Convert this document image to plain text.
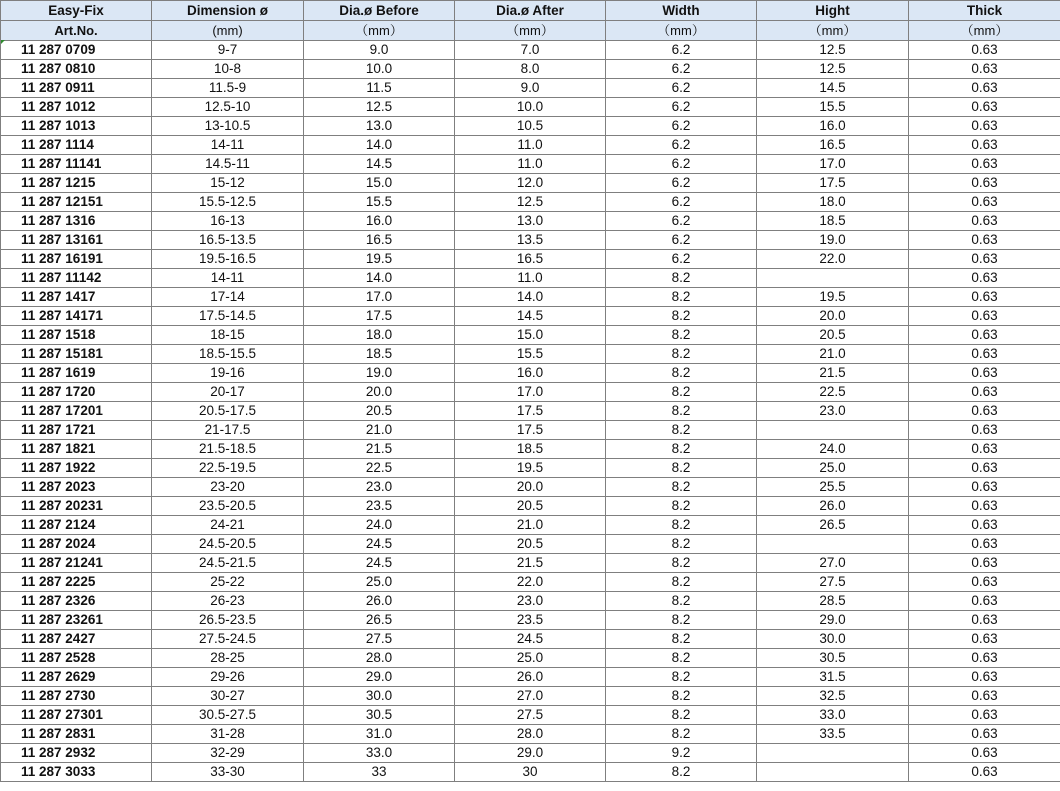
Easy-Fix	Dimension ø	Dia.ø Before	Dia.ø After	Width	Hight	Thick
Art.No.	(mm)	（mm）	（mm）	（mm）	（mm）	（mm）
11 287 0709	9-7	9.0	7.0	6.2	12.5	0.63
11 287 0810	10-8	10.0	8.0	6.2	12.5	0.63
11 287 0911	11.5-9	11.5	9.0	6.2	14.5	0.63
11 287 1012	12.5-10	12.5	10.0	6.2	15.5	0.63
11 287 1013	13-10.5	13.0	10.5	6.2	16.0	0.63
11 287 1114	14-11	14.0	11.0	6.2	16.5	0.63
11 287 11141	14.5-11	14.5	11.0	6.2	17.0	0.63
11 287 1215	15-12	15.0	12.0	6.2	17.5	0.63
11 287 12151	15.5-12.5	15.5	12.5	6.2	18.0	0.63
11 287 1316	16-13	16.0	13.0	6.2	18.5	0.63
11 287 13161	16.5-13.5	16.5	13.5	6.2	19.0	0.63
11 287 16191	19.5-16.5	19.5	16.5	6.2	22.0	0.63
11 287 11142	14-11	14.0	11.0	8.2		0.63
11 287 1417	17-14	17.0	14.0	8.2	19.5	0.63
11 287 14171	17.5-14.5	17.5	14.5	8.2	20.0	0.63
11 287 1518	18-15	18.0	15.0	8.2	20.5	0.63
11 287 15181	18.5-15.5	18.5	15.5	8.2	21.0	0.63
11 287 1619	19-16	19.0	16.0	8.2	21.5	0.63
11 287 1720	20-17	20.0	17.0	8.2	22.5	0.63
11 287 17201	20.5-17.5	20.5	17.5	8.2	23.0	0.63
11 287 1721	21-17.5	21.0	17.5	8.2		0.63
11 287 1821	21.5-18.5	21.5	18.5	8.2	24.0	0.63
11 287 1922	22.5-19.5	22.5	19.5	8.2	25.0	0.63
11 287 2023	23-20	23.0	20.0	8.2	25.5	0.63
11 287 20231	23.5-20.5	23.5	20.5	8.2	26.0	0.63
11 287 2124	24-21	24.0	21.0	8.2	26.5	0.63
11 287 2024	24.5-20.5	24.5	20.5	8.2		0.63
11 287 21241	24.5-21.5	24.5	21.5	8.2	27.0	0.63
11 287 2225	25-22	25.0	22.0	8.2	27.5	0.63
11 287 2326	26-23	26.0	23.0	8.2	28.5	0.63
11 287 23261	26.5-23.5	26.5	23.5	8.2	29.0	0.63
11 287 2427	27.5-24.5	27.5	24.5	8.2	30.0	0.63
11 287 2528	28-25	28.0	25.0	8.2	30.5	0.63
11 287 2629	29-26	29.0	26.0	8.2	31.5	0.63
11 287 2730	30-27	30.0	27.0	8.2	32.5	0.63
11 287 27301	30.5-27.5	30.5	27.5	8.2	33.0	0.63
11 287 2831	31-28	31.0	28.0	8.2	33.5	0.63
11 287 2932	32-29	33.0	29.0	9.2		0.63
11 287 3033	33-30	33	30	8.2		0.63
